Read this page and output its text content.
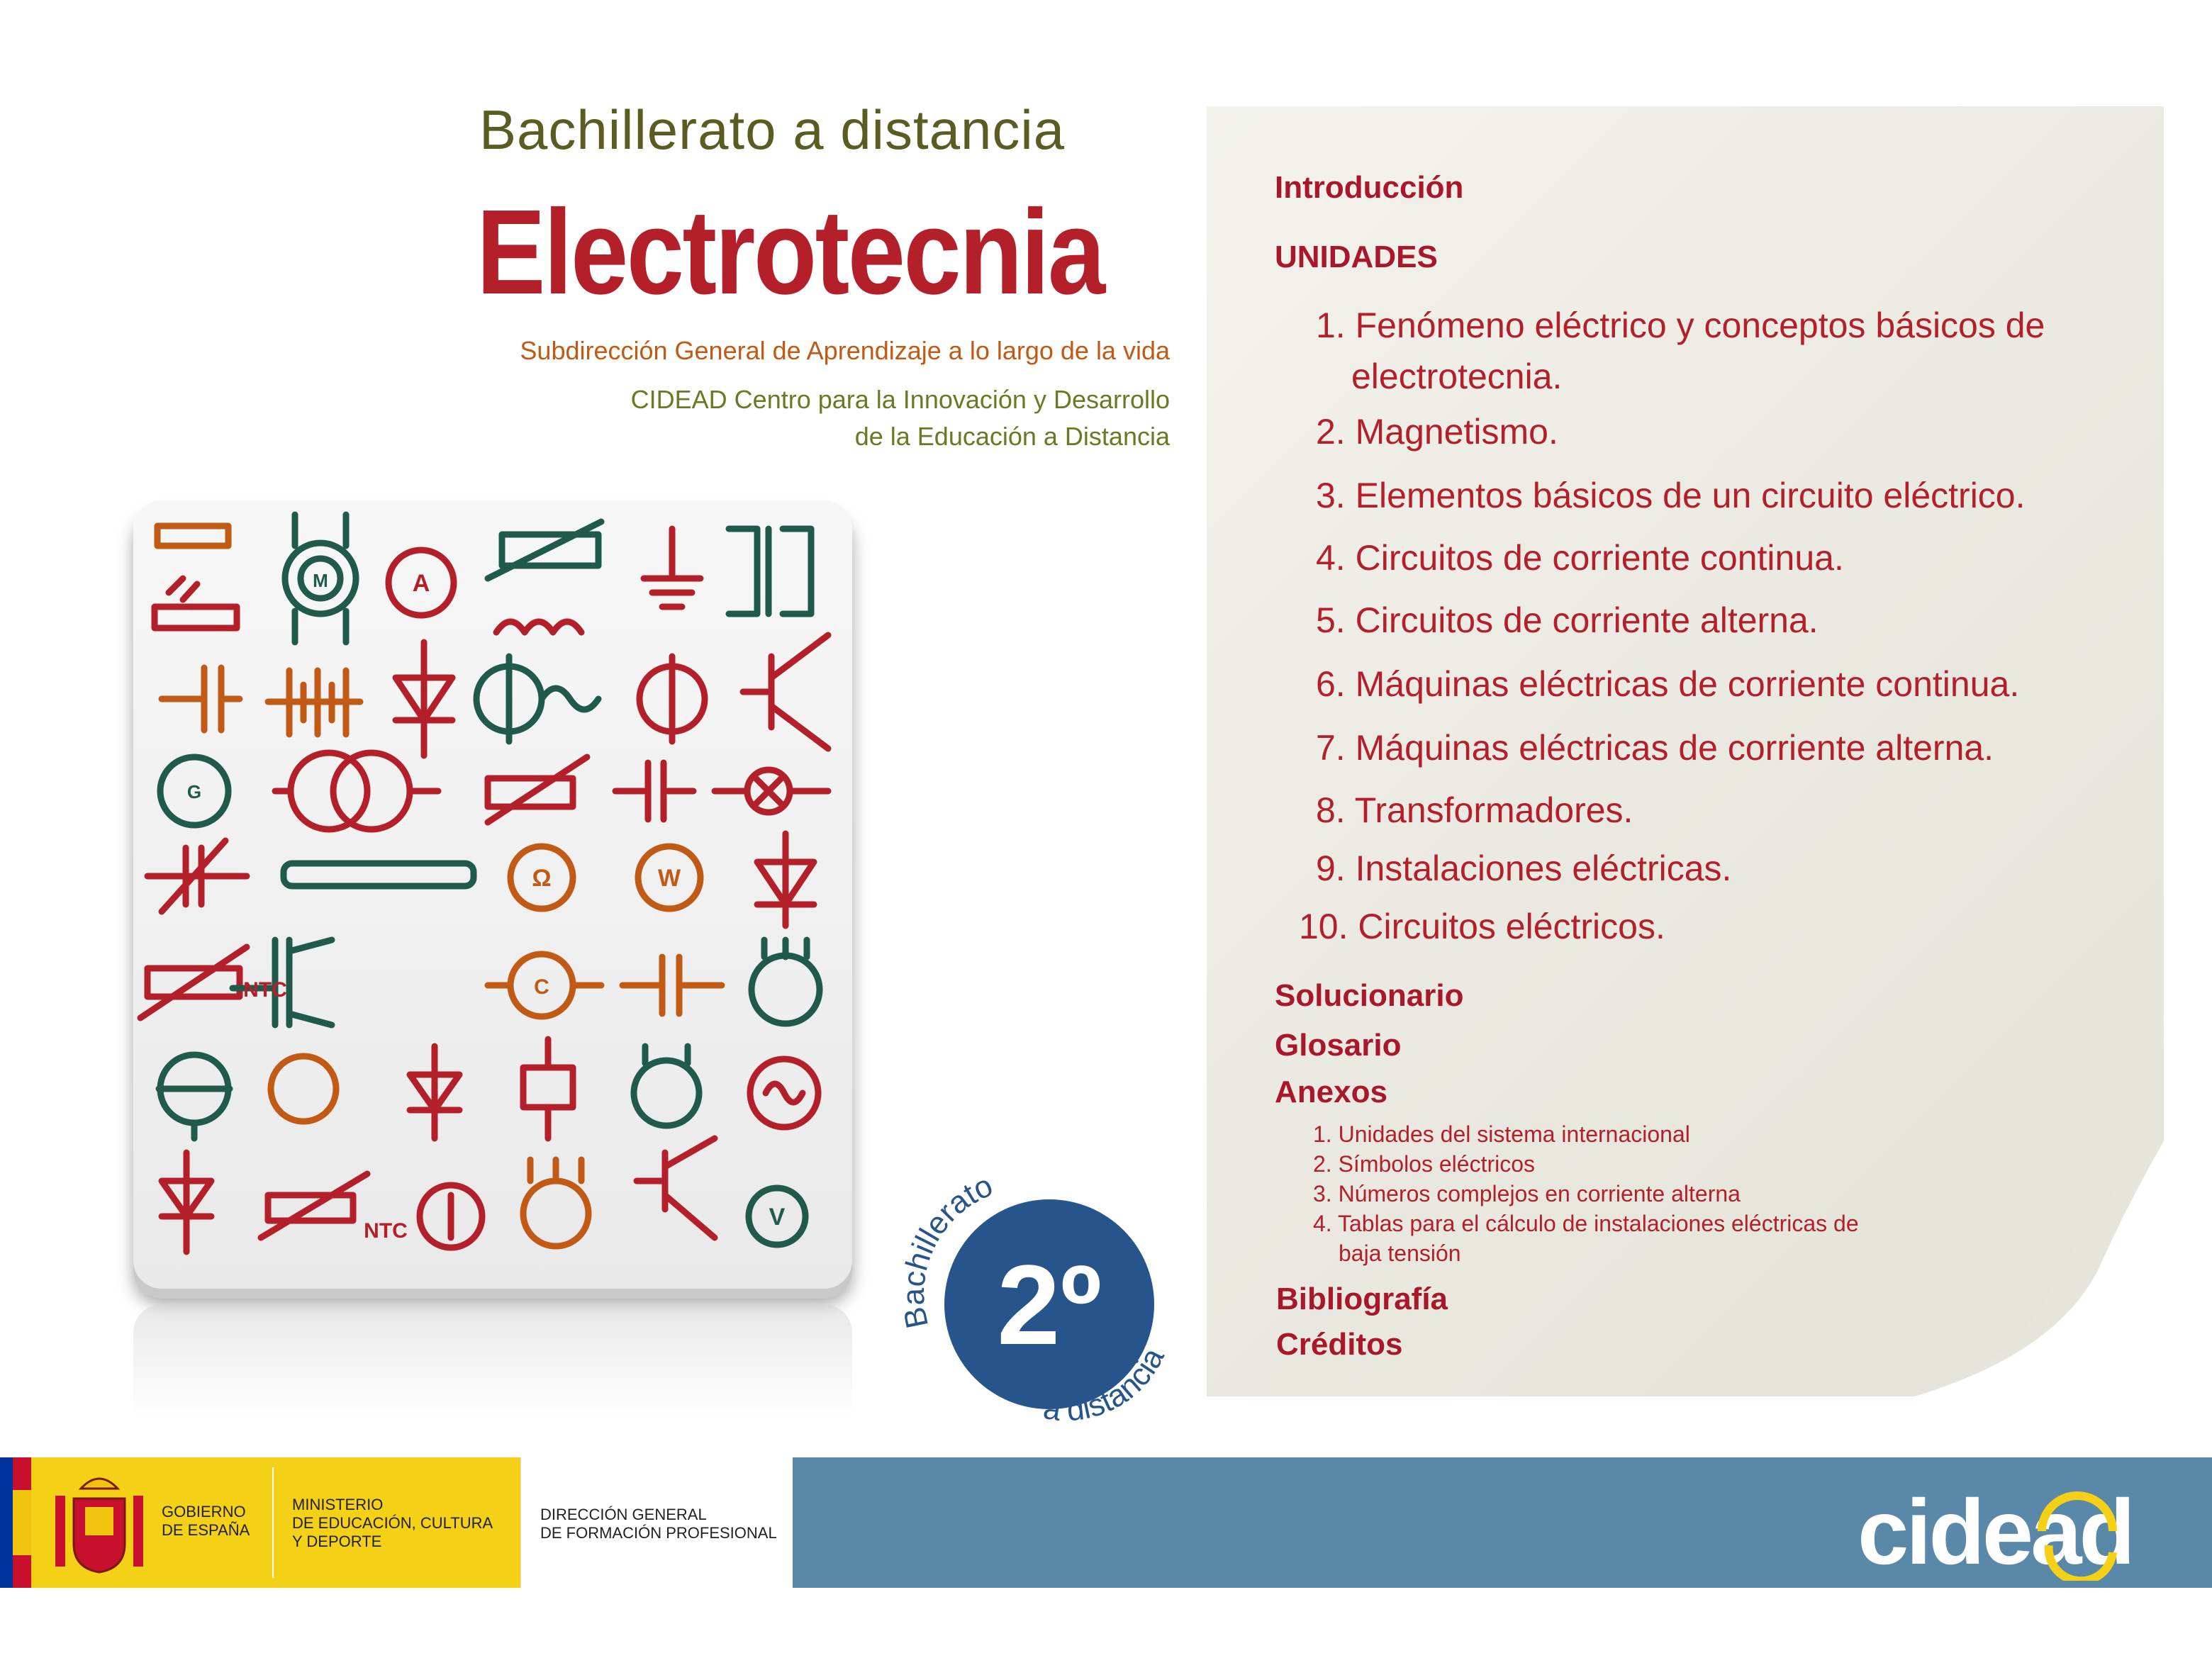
Bachillerato a distancia
Electrotecnia
Subdirección General de Aprendizaje a lo largo de la vida
CIDEAD Centro para la Innovación y Desarrollo
de la Educación a Distancia
A
Ω	W
V
M
G
C
NTC
NTC
B hillerato
2º
a distancia
Introducción
UNIDADES
1. Fenómeno eléctrico y conceptos básicos de
electrotecnia.
2. Magnetismo.
3. Elementos básicos de un circuito eléctrico.
4. Circuitos de corriente continua.
5. Circuitos de corriente alterna.
6. Máquinas eléctricas de corriente continua.
7. Máquinas eléctricas de corriente alterna.
8. Transformadores.
9. Instalaciones eléctricas.
10. Circuitos eléctricos.
Solucionario
Glosario
Anexos
1. Unidades del sistema internacional
2. Símbolos eléctricos
3. Números complejos en corriente alterna
4. Tablas para el cálculo de instalaciones eléctricas de
baja tensión
Bibliografía
Créditos
GOBIERNO
DE ESPAÑA
MINISTERIO
DE EDUCACIÓN, CULTURA
Y DEPORTE
DIRECCIÓN GENERAL
DE FORMACIÓN PROFESIONAL	cidead
